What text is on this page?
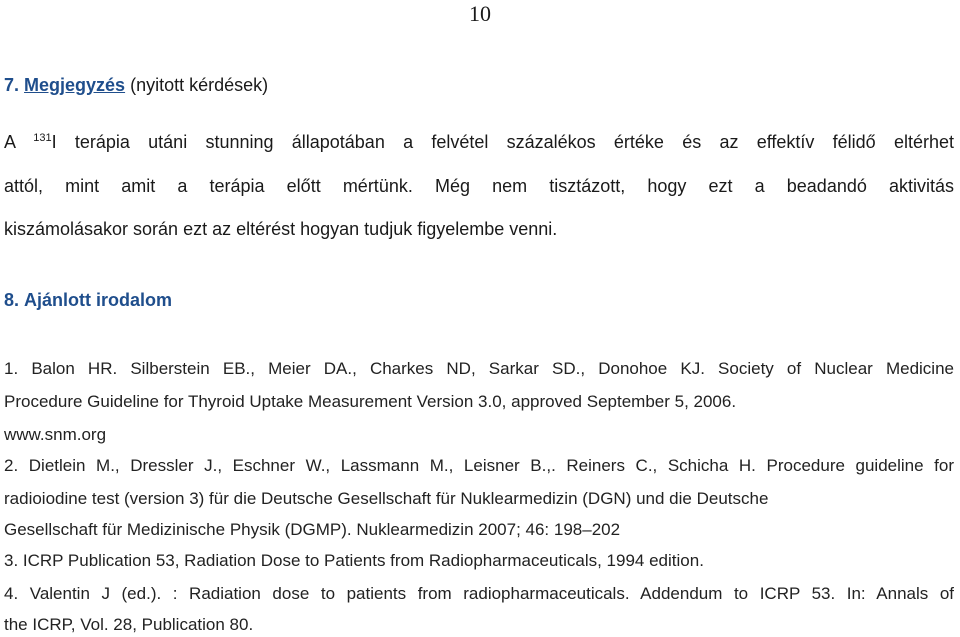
10
7. Megjegyzés (nyitott kérdések)
A $^{131}$I terápia utáni stunning állapotában a felvétel százalékos értéke és az effektív félidő eltérhet
attól, mint amit a terápia előtt mértünk. Még nem tisztázott, hogy ezt a beadandó aktivitás
kiszámolásakor során ezt az eltérést hogyan tudjuk figyelembe venni.
8. Ajánlott irodalom
1. Balon HR. Silberstein EB., Meier DA., Charkes ND, Sarkar SD., Donohoe KJ. Society of Nuclear Medicine
Procedure Guideline for Thyroid Uptake Measurement Version 3.0, approved September 5, 2006.
www.snm.org
2. Dietlein M., Dressler J., Eschner W., Lassmann M., Leisner B.,. Reiners C., Schicha H. Procedure guideline for
radioiodine test (version 3) für die Deutsche Gesellschaft für Nuklearmedizin (DGN) und die Deutsche
Gesellschaft für Medizinische Physik (DGMP). Nuklearmedizin 2007; 46: 198–202
3. ICRP Publication 53, Radiation Dose to Patients from Radiopharmaceuticals, 1994 edition.
4. Valentin J (ed.). : Radiation dose to patients from radiopharmaceuticals. Addendum to ICRP 53. In: Annals of
the ICRP, Vol. 28, Publication 80.
